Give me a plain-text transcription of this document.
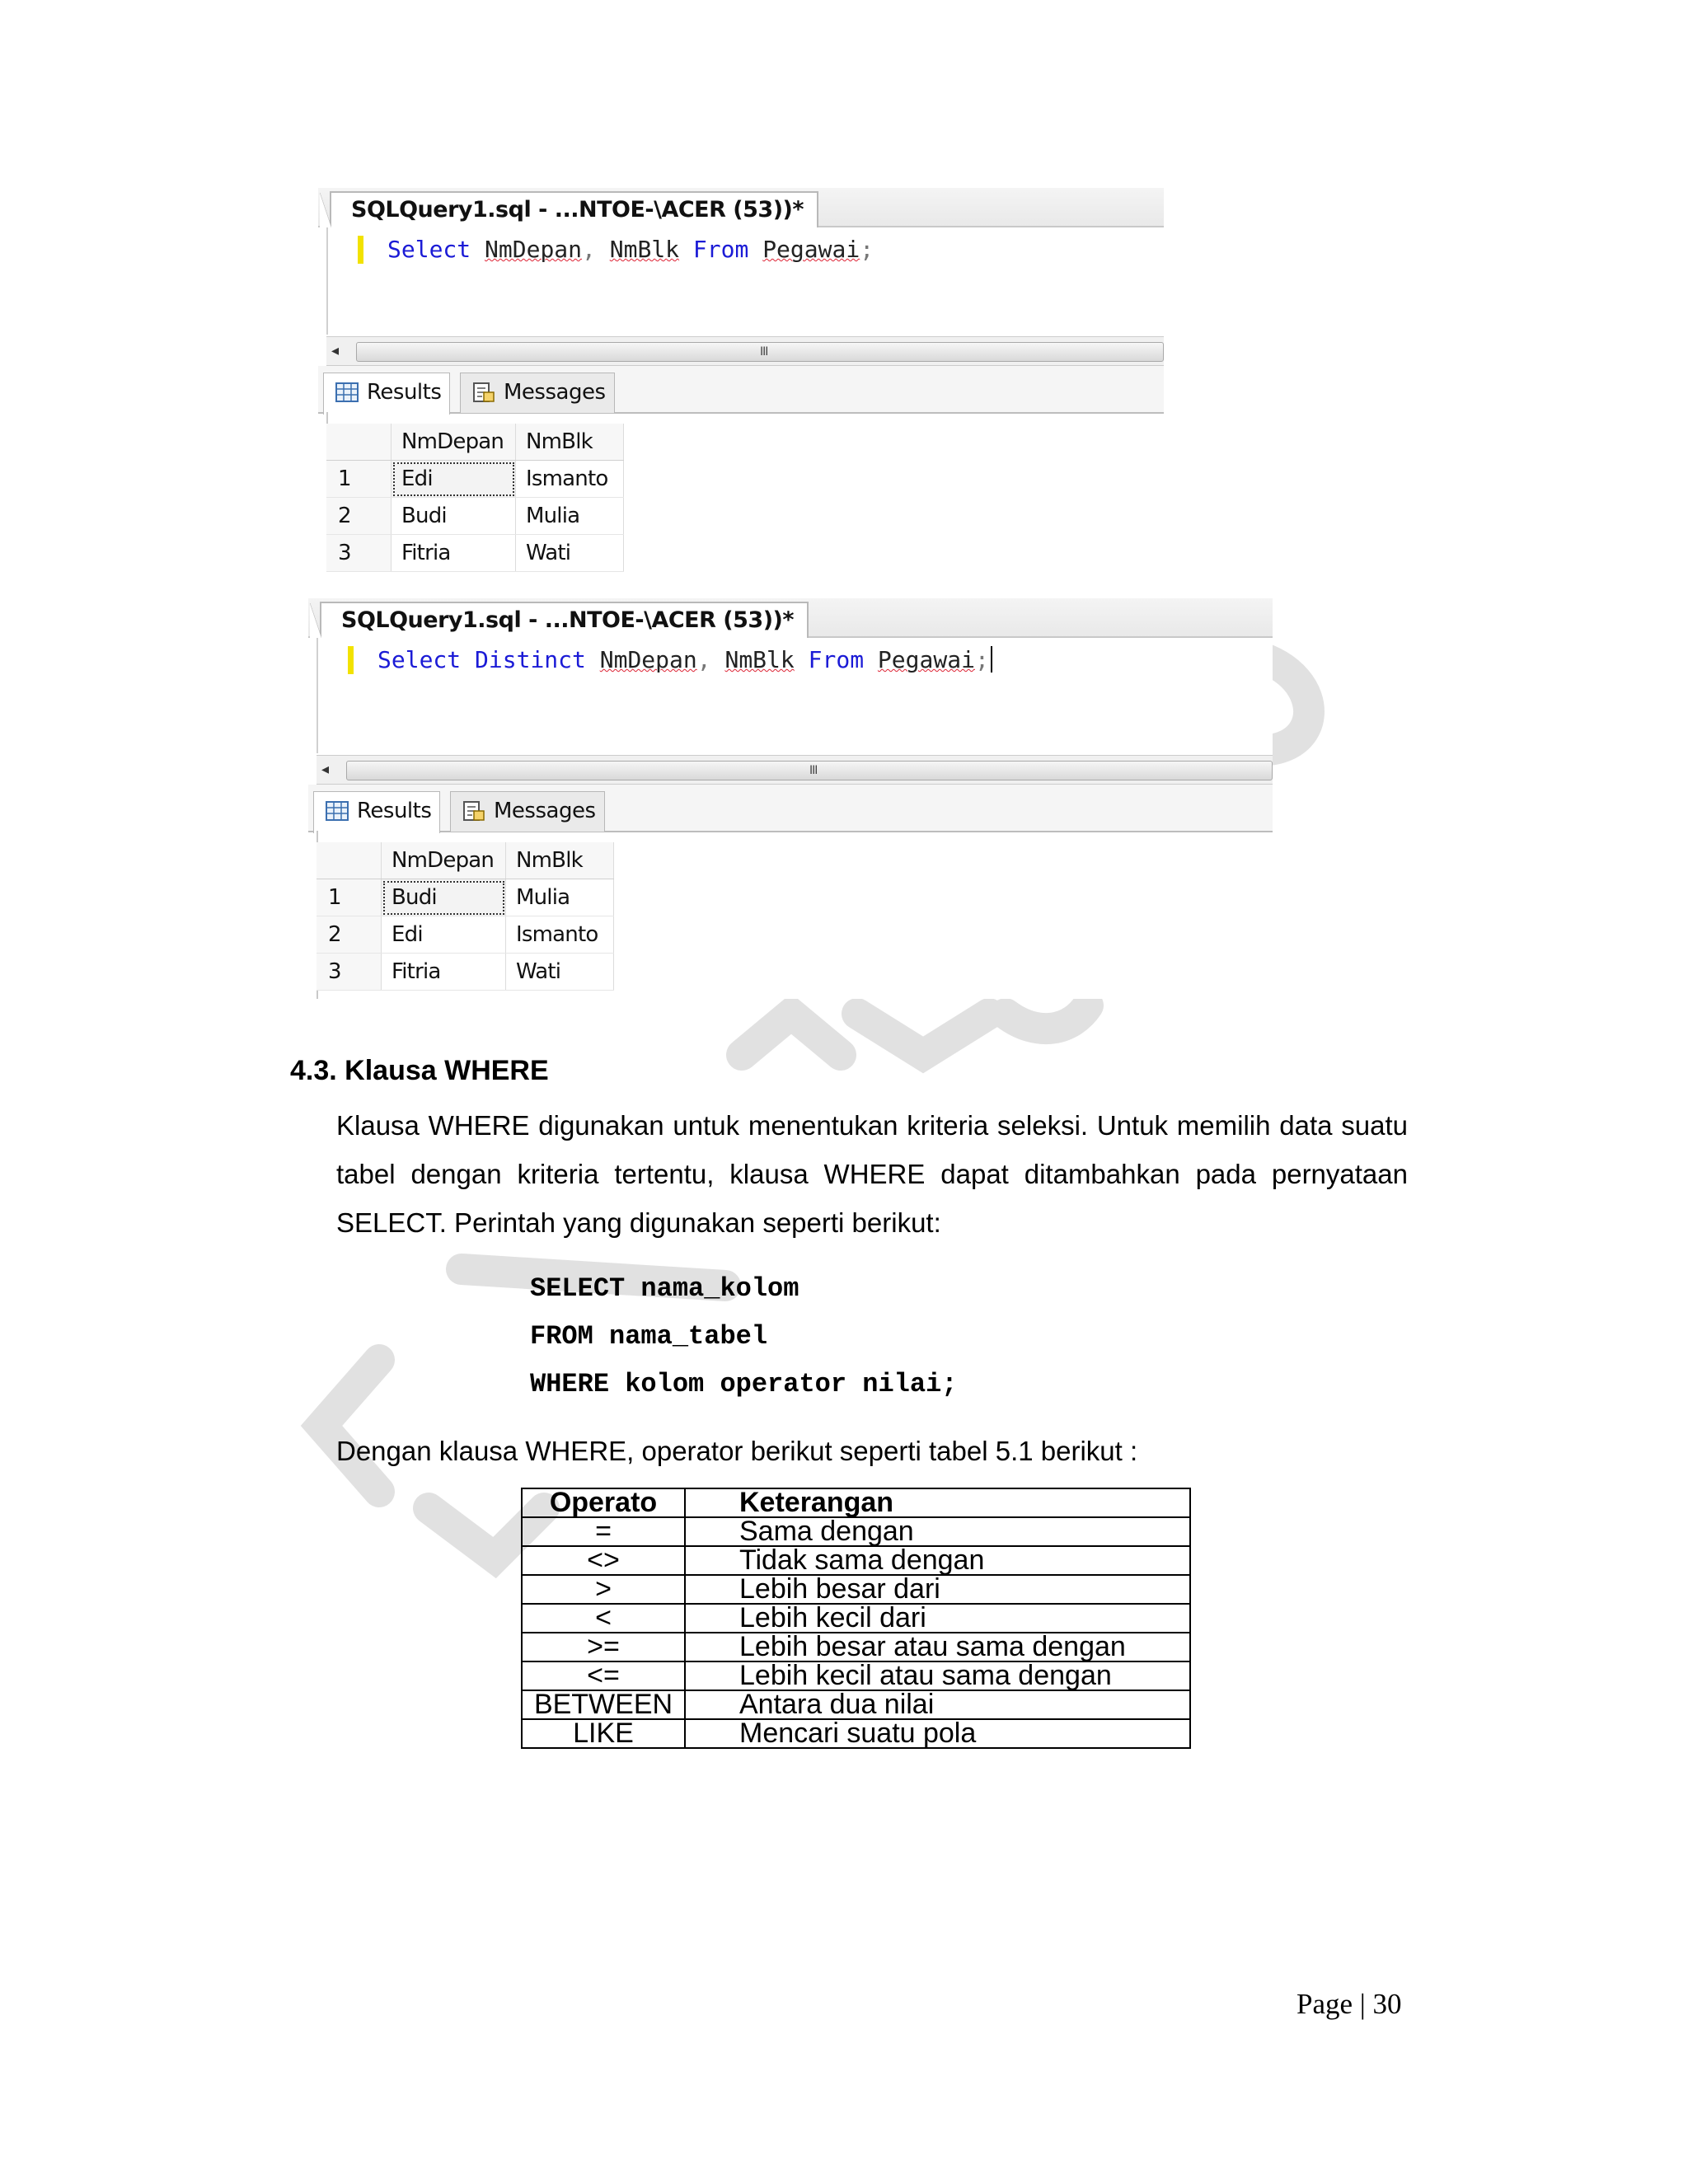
SQLQuery1.sql - ...NTOE-\ACER (53))*
Select NmDepan, NmBlk From Pegawai;
◂	III
Results	Messages
	NmDepan	NmBlk
1	Edi	Ismanto
2	Budi	Mulia
3	Fitria	Wati
SQLQuery1.sql - ...NTOE-\ACER (53))*
Select Distinct NmDepan, NmBlk From Pegawai;
◂	III
Results	Messages
	NmDepan	NmBlk
1	Budi	Mulia
2	Edi	Ismanto
3	Fitria	Wati
4.3. Klausa WHERE

Klausa WHERE digunakan untuk menentukan kriteria seleksi. Untuk memilih data suatu tabel dengan kriteria tertentu, klausa WHERE dapat ditambahkan pada pernyataan SELECT. Perintah yang digunakan seperti berikut:

SELECT nama_kolom
FROM nama_tabel
WHERE kolom operator nilai;
Dengan klausa WHERE, operator berikut seperti tabel 5.1 berikut :
Operato	Keterangan
=	Sama dengan
<>	Tidak sama dengan
>	Lebih besar dari
<	Lebih kecil dari
>=	Lebih besar atau sama dengan
<=	Lebih kecil atau sama dengan
BETWEEN	Antara dua nilai
LIKE	Mencari suatu pola
Page | 30
